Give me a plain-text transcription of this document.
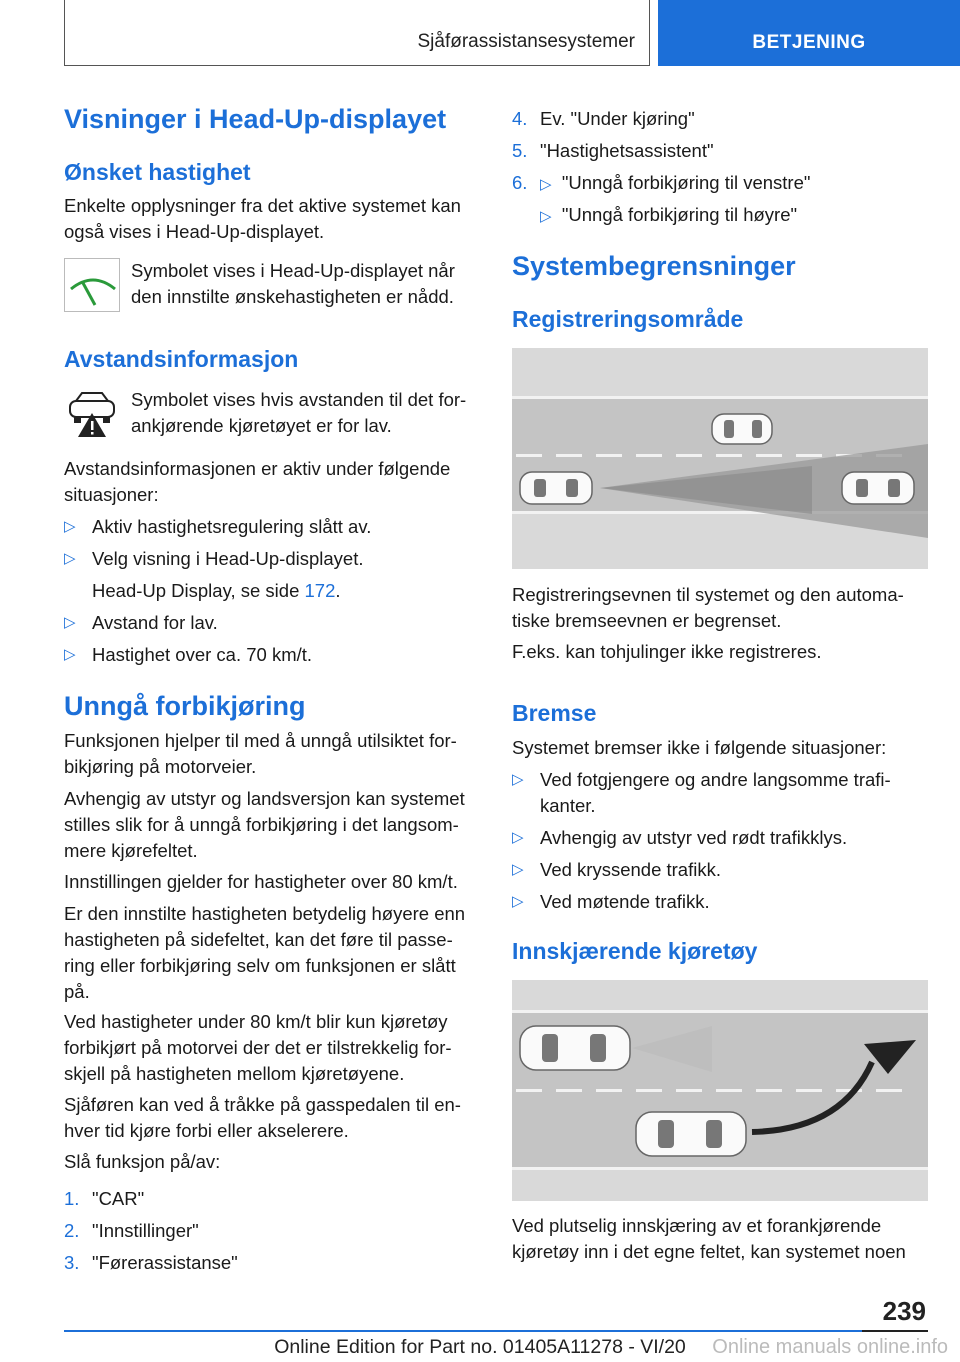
Sjåførassistansesystemer	BETJENING
Visninger i Head-Up-displayet
Ønsket hastighet
Enkelte opplysninger fra det aktive systemet kan også vises i Head-Up-displayet.
Symbolet vises i Head-Up-displayet når den innstilte ønskehastigheten er nådd.
Avstandsinformasjon
Symbolet vises hvis avstanden til det for-ankjørende kjøretøyet er for lav.
Avstandsinformasjonen er aktiv under følgende situasjoner:
▷ Aktiv hastighetsregulering slått av.
▷ Velg visning i Head-Up-displayet.
Head-Up Display, se side 172.
▷ Avstand for lav.
▷ Hastighet over ca. 70 km/t.
Unngå forbikjøring
Funksjonen hjelper til med å unngå utilsiktet for-bikjøring på motorveier.
Avhengig av utstyr og landsversjon kan systemet stilles slik for å unngå forbikjøring i det langsom-mere kjørefeltet.
Innstillingen gjelder for hastigheter over 80 km/t.
Er den innstilte hastigheten betydelig høyere enn hastigheten på sidefeltet, kan det føre til passe-ring eller forbikjøring selv om funksjonen er slått på.
Ved hastigheter under 80 km/t blir kun kjøretøy forbikjørt på motorvei der det er tilstrekkelig for-skjell på hastigheten mellom kjøretøyene.
Sjåføren kan ved å tråkke på gasspedalen til en-hver tid kjøre forbi eller akselerere.
Slå funksjon på/av:
1. "CAR"
2. "Innstillinger"
3. "Førerassistanse"
4. Ev. "Under kjøring"
5. "Hastighetsassistent"
6. ▷ "Unngå forbikjøring til venstre"
▷ "Unngå forbikjøring til høyre"
Systembegrensninger
Registreringsområde
Registreringsevnen til systemet og den automa-tiske bremseevnen er begrenset.
F.eks. kan tohjulinger ikke registreres.
Bremse
Systemet bremser ikke i følgende situasjoner:
▷ Ved fotgjengere og andre langsomme trafi-kanter.
▷ Avhengig av utstyr ved rødt trafikklys.
▷ Ved kryssende trafikk.
▷ Ved møtende trafikk.
Innskjærende kjøretøy
Ved plutselig innskjæring av et forankjørende kjøretøy inn i det egne feltet, kan systemet noen
239
Online Edition for Part no. 01405A11278 - VI/20	Online manuals online.info
